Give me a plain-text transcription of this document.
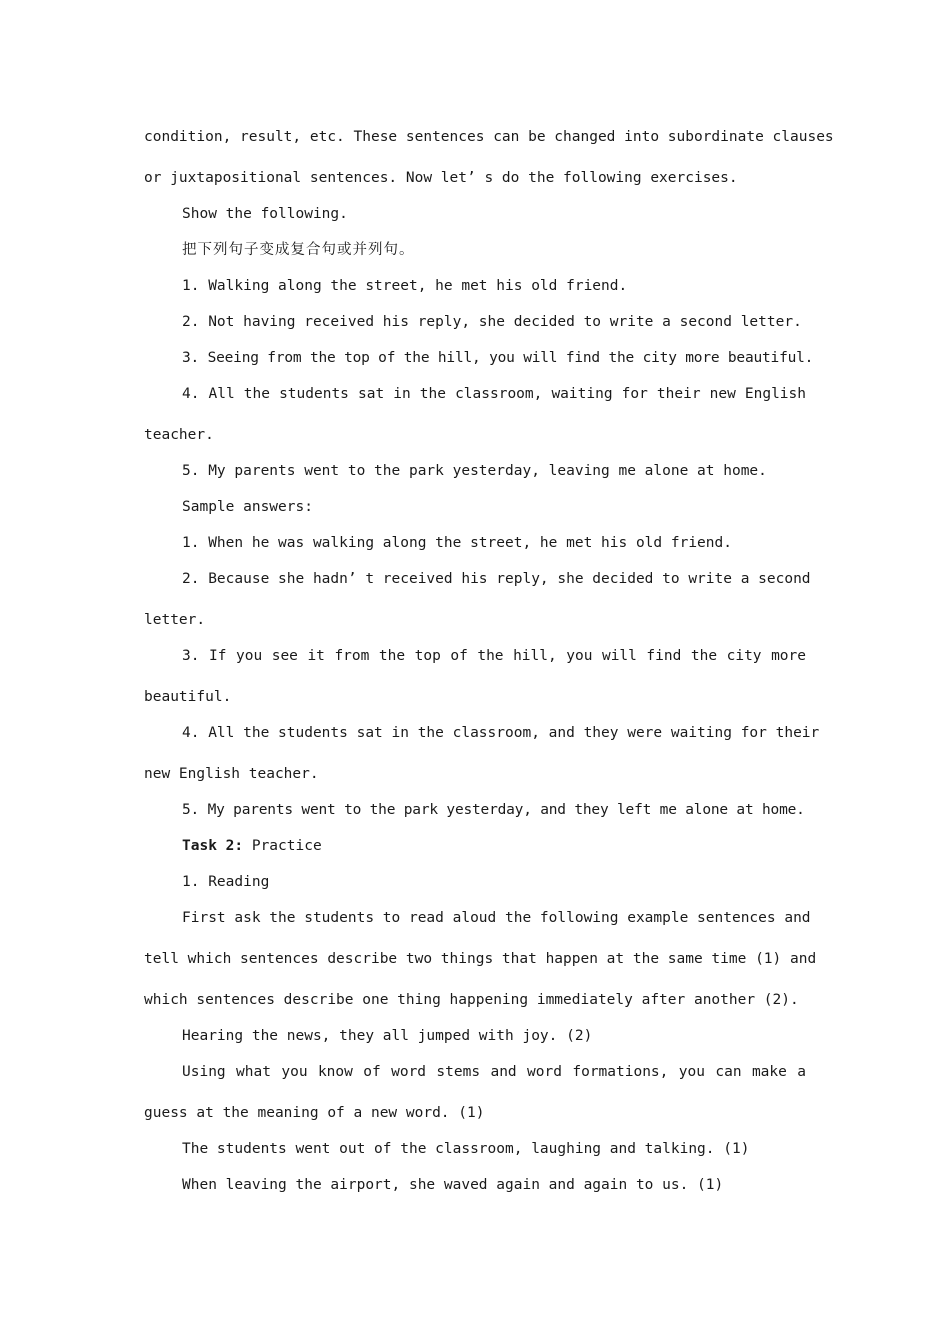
condition, result, etc. These sentences can be changed into subordinate clauses

or juxtapositional sentences. Now let’ s do the following exercises.

Show the following.

把下列句子变成复合句或并列句。

1. Walking along the street, he met his old friend.

2. Not having received his reply, she decided to write a second letter.

3. Seeing from the top of the hill, you will find the city more beautiful.

4. All the students sat in the classroom, waiting for their new English

teacher.

5. My parents went to the park yesterday, leaving me alone at home.

Sample answers:

1. When he was walking along the street, he met his old friend.

2. Because she hadn’ t received his reply, she decided to write a second

letter.

3. If you see it from the top of the hill, you will find the city more

beautiful.

4. All the students sat in the classroom, and they were waiting for their

new English teacher.

5. My parents went to the park yesterday, and they left me alone at home.

Task 2: Practice

1. Reading

First ask the students to read aloud the following example sentences and

tell which sentences describe two things that happen at the same time (1) and

which sentences describe one thing happening immediately after another (2).

Hearing the news, they all jumped with joy. (2)

Using what you know of word stems and word formations, you can make a

guess at the meaning of a new word. (1)

The students went out of the classroom, laughing and talking. (1)

When leaving the airport, she waved again and again to us. (1)
